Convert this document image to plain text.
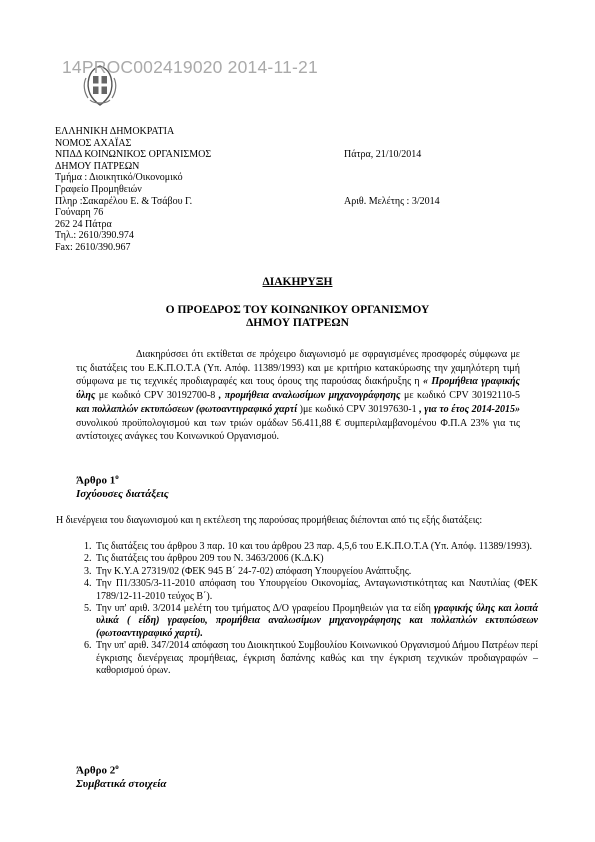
14PROC002419020 2014-11-21
ΕΛΛΗΝΙΚΗ ΔΗΜΟΚΡΑΤΙΑ
ΝΟΜΟΣ ΑΧΑΪΑΣ
ΝΠΔΔ ΚΟΙΝΩΝΙΚΟΣ ΟΡΓΑΝΙΣΜΟΣ	Πάτρα, 21/10/2014
ΔΗΜΟΥ ΠΑΤΡΕΩΝ
Τμήμα : Διοικητικό/Οικονομικό
Γραφείο Προμηθειών
Πληρ :Σακαρέλου Ε. & Τσάβου Γ.	Αριθ. Μελέτης : 3/2014
Γούναρη 76
262 24 Πάτρα
Τηλ.: 2610/390.974
Fax: 2610/390.967
ΔΙΑΚΗΡΥΞΗ
Ο ΠΡΟΕΔΡΟΣ ΤΟΥ ΚΟΙΝΩΝΙΚΟΥ ΟΡΓΑΝΙΣΜΟΥ
ΔΗΜΟΥ ΠΑΤΡΕΩΝ
Διακηρύσσει ότι εκτίθεται σε πρόχειρο διαγωνισμό με σφραγισμένες προσφορές σύμφωνα με τις διατάξεις του Ε.Κ.Π.Ο.Τ.Α (Υπ. Απόφ. 11389/1993) και με κριτήριο κατακύρωσης την χαμηλότερη τιμή σύμφωνα με τις τεχνικές προδιαγραφές και τους όρους της παρούσας διακήρυξης η « Προμήθεια γραφικής ύλης με κωδικό CPV 30192700-8 , προμήθεια αναλωσίμων μηχανογράφησης με κωδικό CPV 30192110-5 και πολλαπλών εκτυπώσεων (φωτοαντιγραφικό χαρτί )με κωδικό CPV 30197630-1 , για το έτος 2014-2015» συνολικού προϋπολογισμού και των τριών ομάδων 56.411,88 € συμπεριλαμβανομένου Φ.Π.Α 23% για τις αντίστοιχες ανάγκες του Κοινωνικού Οργανισμού.
Άρθρο $1^o$
Ισχύουσες διατάξεις
Η διενέργεια του διαγωνισμού και η εκτέλεση της παρούσας προμήθειας διέπονται από τις εξής διατάξεις:
1. Τις διατάξεις του άρθρου 3 παρ. 10 και του άρθρου 23 παρ. 4,5,6 του Ε.Κ.Π.Ο.Τ.Α (Υπ. Απόφ. 11389/1993).
2. Τις διατάξεις του άρθρου 209 του Ν. 3463/2006 (Κ.Δ.Κ)
3. Την Κ.Υ.Α 27319/02 (ΦΕΚ 945 Β΄ 24-7-02) απόφαση Υπουργείου Ανάπτυξης.
4. Την Π1/3305/3-11-2010 απόφαση του Υπουργείου Οικονομίας, Ανταγωνιστικότητας και Ναυτιλίας (ΦΕΚ 1789/12-11-2010 τεύχος Β΄).
5. Την υπ' αριθ. 3/2014 μελέτη του τμήματος Δ/Ο γραφείου Προμηθειών για τα είδη γραφικής ύλης και λοιπά υλικά ( είδη) γραφείου, προμήθεια αναλωσίμων μηχανογράφησης και πολλαπλών εκτυπώσεων (φωτοαντιγραφικό χαρτί).
6. Την υπ' αριθ. 347/2014 απόφαση του Διοικητικού Συμβουλίου Κοινωνικού Οργανισμού Δήμου Πατρέων περί έγκρισης διενέργειας προμήθειας, έγκριση δαπάνης καθώς και την έγκριση τεχνικών προδιαγραφών – καθορισμού όρων.
Άρθρο $2^o$
Συμβατικά στοιχεία
